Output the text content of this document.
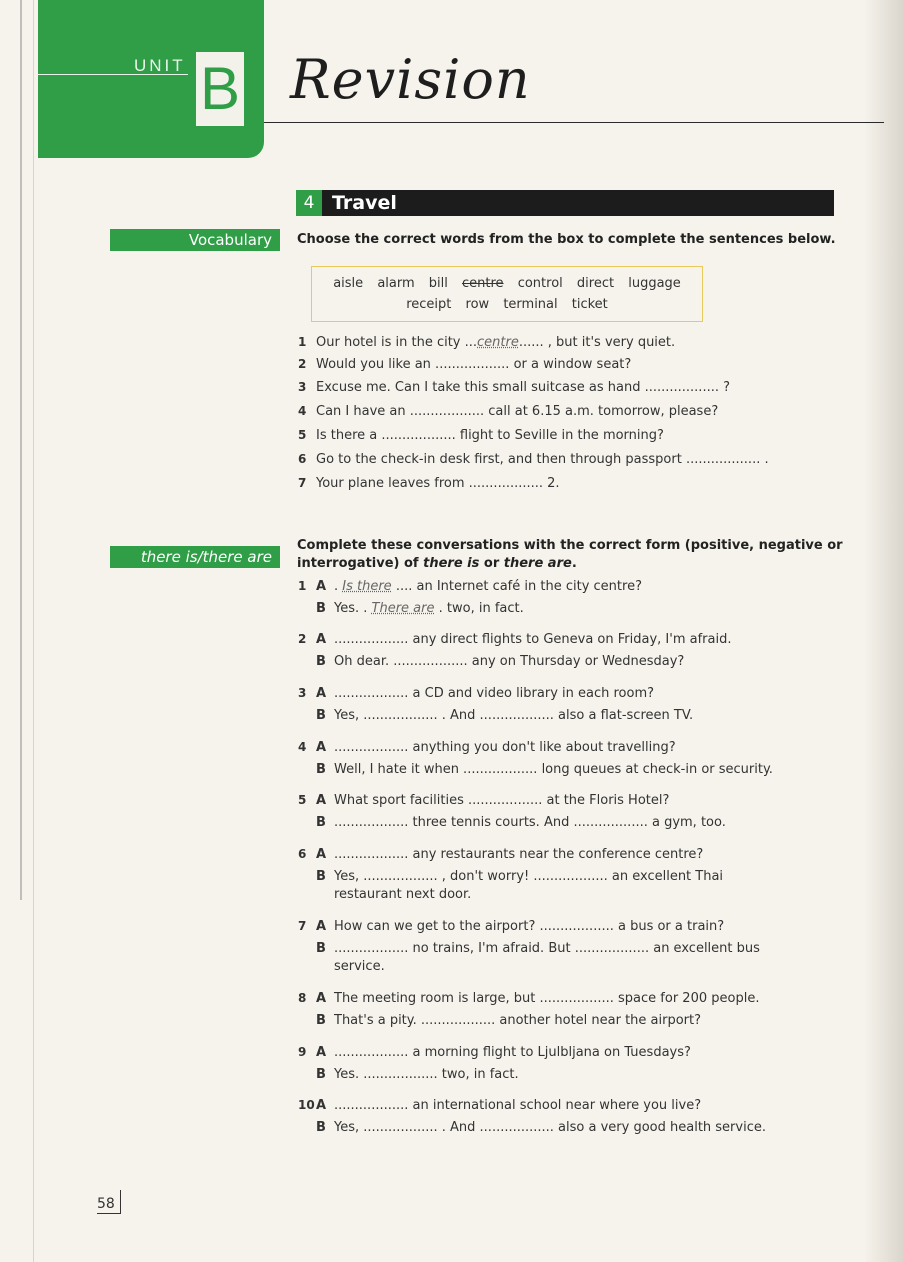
UNIT B Revision
4 Travel
Vocabulary	Choose the correct words from the box to complete the sentences below.
aisle alarm bill centre control direct luggage
receipt row terminal ticket
1 Our hotel is in the city ...centre...... , but it's very quiet.
2 Would you like an .................. or a window seat?
3 Excuse me. Can I take this small suitcase as hand .................. ?
4 Can I have an .................. call at 6.15 a.m. tomorrow, please?
5 Is there a .................. flight to Seville in the morning?
6 Go to the check-in desk first, and then through passport .................. .
7 Your plane leaves from .................. 2.
there is/there are
Complete these conversations with the correct form (positive, negative or
interrogative) of there is or there are.
1 A . Is there .... an Internet café in the city centre?
B Yes. . There are . two, in fact.
2 A .................. any direct flights to Geneva on Friday, I'm afraid.
B Oh dear. .................. any on Thursday or Wednesday?
3 A .................. a CD and video library in each room?
B Yes, .................. . And .................. also a flat-screen TV.
4 A .................. anything you don't like about travelling?
B Well, I hate it when .................. long queues at check-in or security.
5 A What sport facilities .................. at the Floris Hotel?
B .................. three tennis courts. And .................. a gym, too.
6 A .................. any restaurants near the conference centre?
B Yes, .................. , don't worry! .................. an excellent Thai
restaurant next door.
7 A How can we get to the airport? .................. a bus or a train?
B .................. no trains, I'm afraid. But .................. an excellent bus
service.
8 A The meeting room is large, but .................. space for 200 people.
B That's a pity. .................. another hotel near the airport?
9 A .................. a morning flight to Ljulbljana on Tuesdays?
B Yes. .................. two, in fact.
10A .................. an international school near where you live?
B Yes, .................. . And .................. also a very good health service.
58
